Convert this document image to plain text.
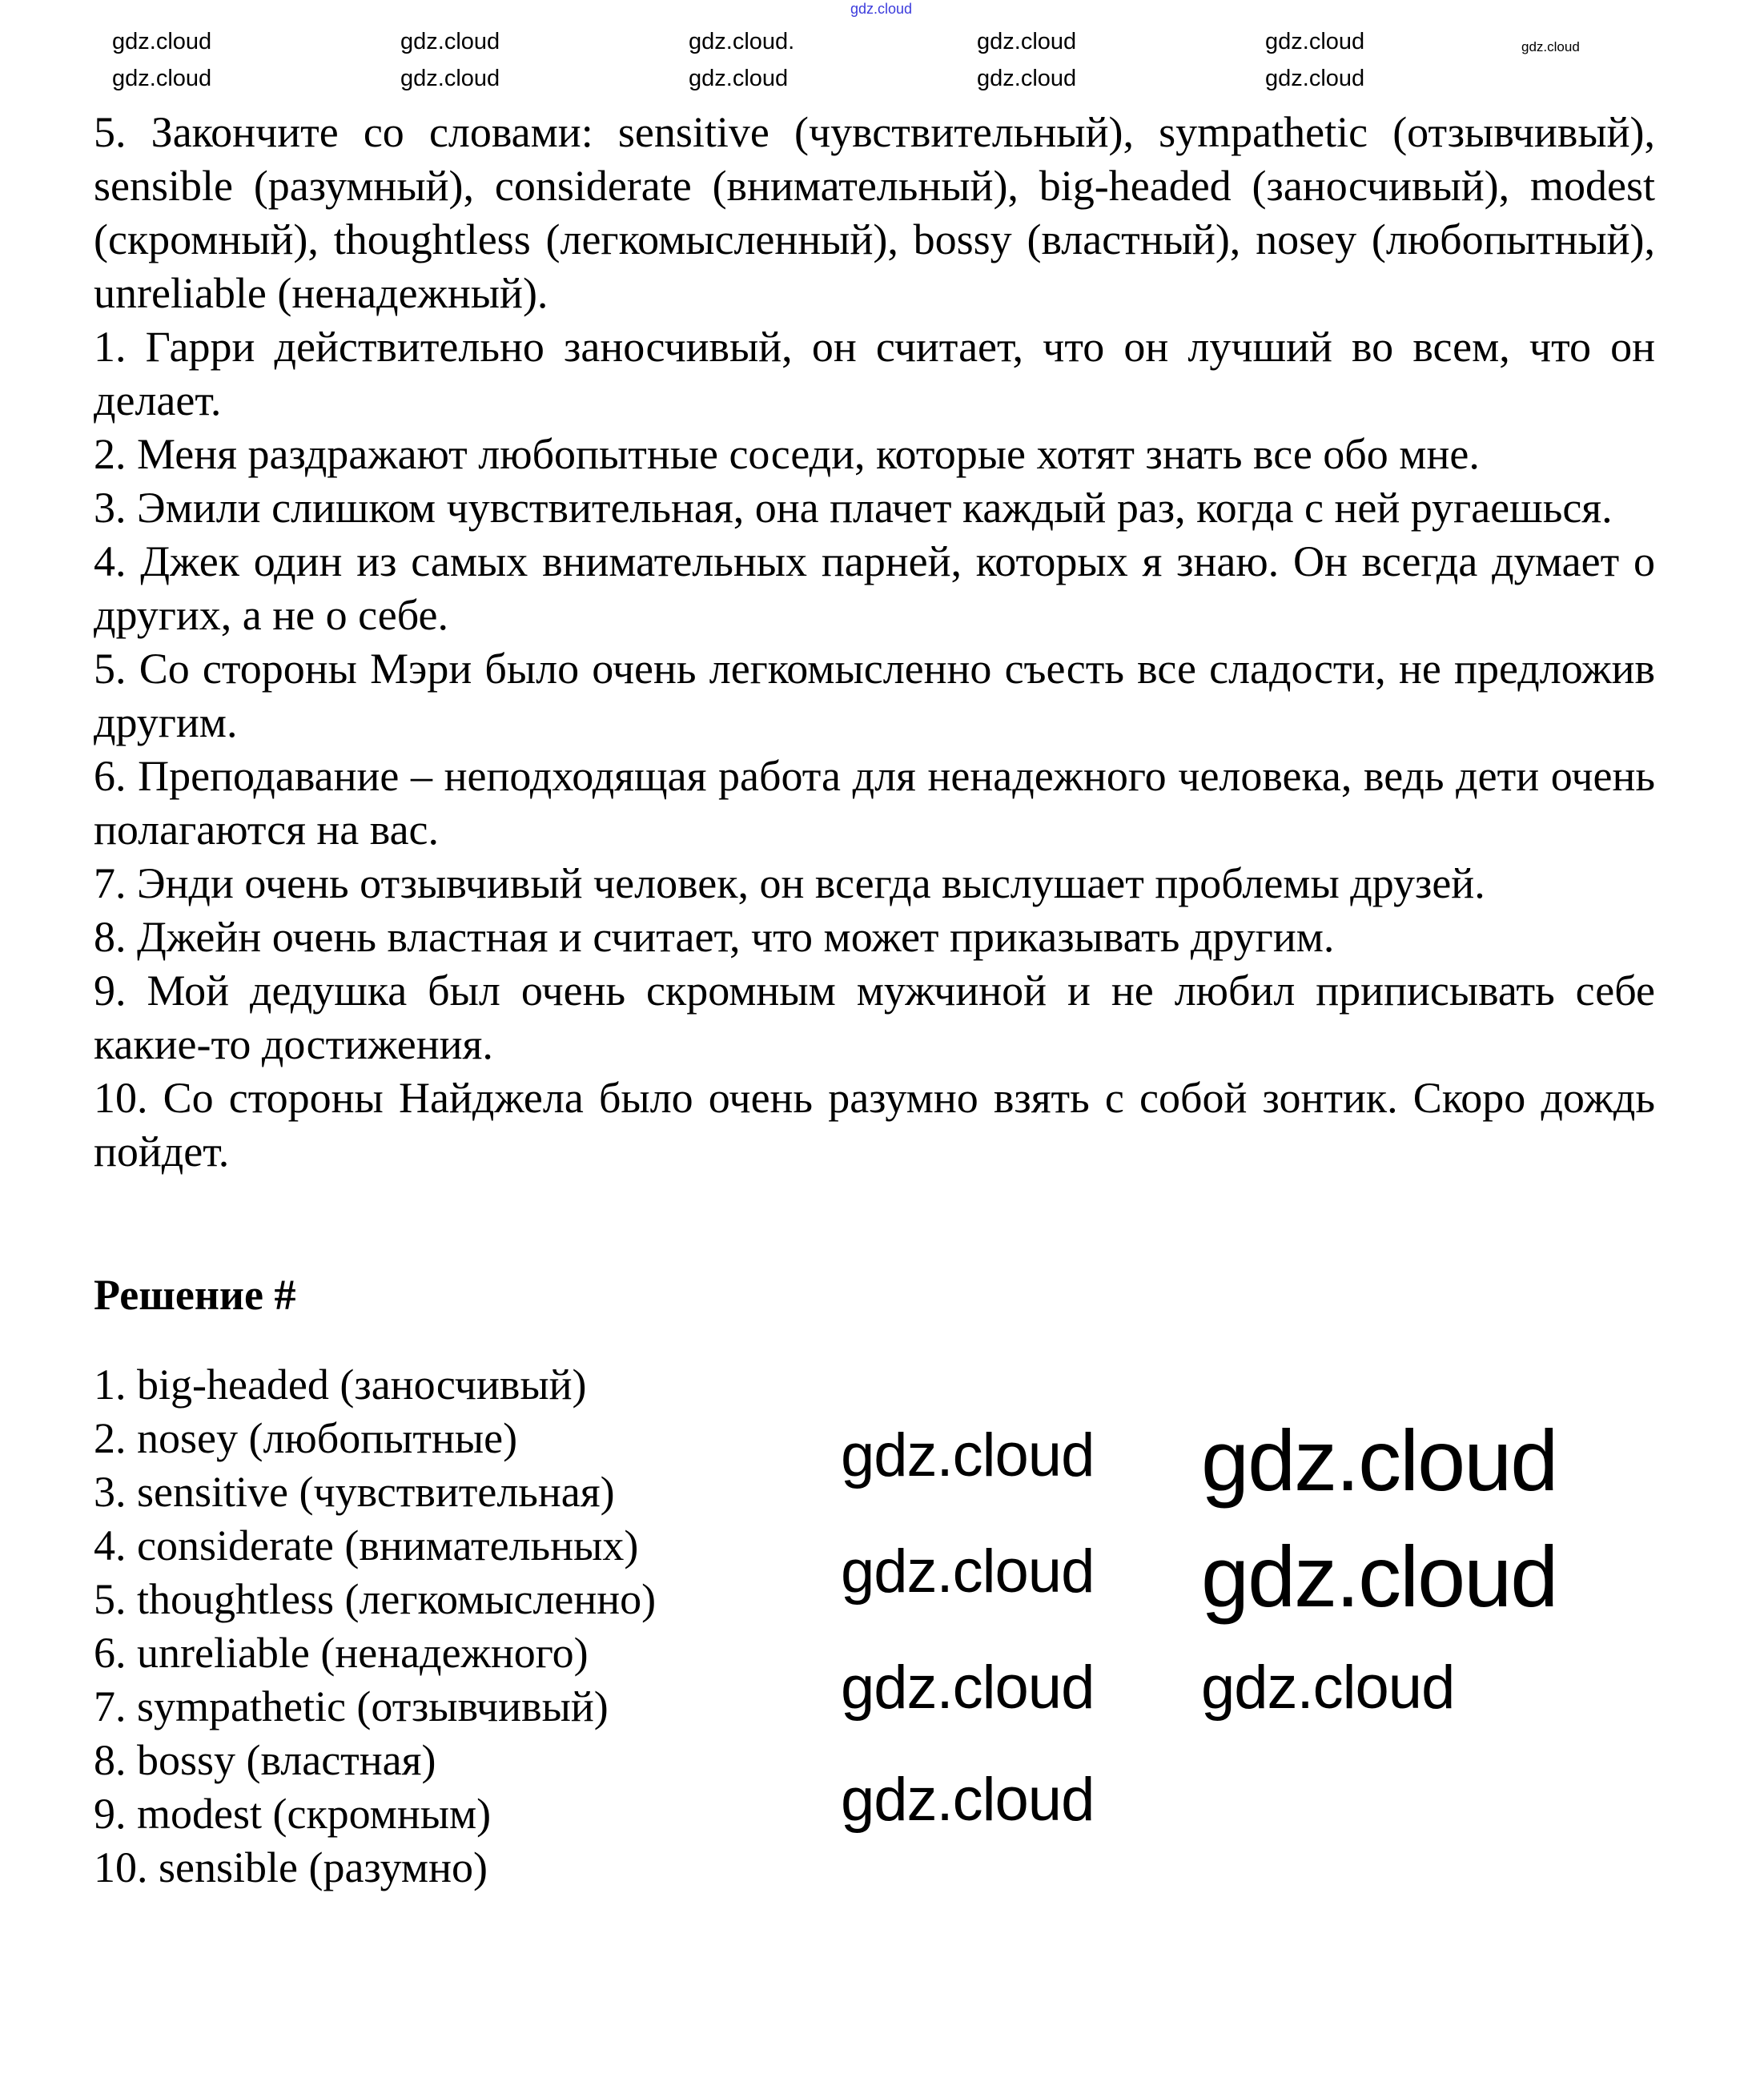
gdz.cloud

5. Закончите со словами: sensitive (чувствительный), sympathetic (отзывчивый), sensible (разумный), considerate (внимательный), big-headed (заносчивый), modest (скромный), thoughtless (легкомысленный), bossy (властный), nosey (любопытный), unreliable (ненадежный).

1. Гарри действительно заносчивый, он считает, что он лучший во всем, что он делает.

2. Меня раздражают любопытные соседи, которые хотят знать все обо мне.

3. Эмили слишком чувствительная, она плачет каждый раз, когда с ней ругаешься.

4. Джек один из самых внимательных парней, которых я знаю. Он всегда думает о других, а не о себе.

5. Со стороны Мэри было очень легкомысленно съесть все сладости, не предложив другим.

6. Преподавание – неподходящая работа для ненадежного человека, ведь дети очень полагаются на вас.

7. Энди очень отзывчивый человек, он всегда выслушает проблемы друзей.

8. Джейн очень властная и считает, что может приказывать другим.

9. Мой дедушка был очень скромным мужчиной и не любил приписывать себе какие-то достижения.

10. Со стороны Найджела было очень разумно взять с собой зонтик. Скоро дождь пойдет.

Решение #

1. big-headed (заносчивый)

2. nosey (любопытные)

3. sensitive (чувствительная)

4. considerate (внимательных)

5. thoughtless (легкомысленно)

6. unreliable (ненадежного)

7. sympathetic (отзывчивый)

8. bossy (властная)

9. modest (скромным)

10. sensible (разумно)

gdz.cloud
gdz.cloud	gdz.cloud	gdz.cloud.	gdz.cloud	gdz.cloud
gdz.cloud	gdz.cloud	gdz.cloud	gdz.cloud	gdz.cloud
gdz.cloud gdz.cloud
gdz.cloud gdz.cloud
gdz.cloud gdz.cloud
gdz.cloud
